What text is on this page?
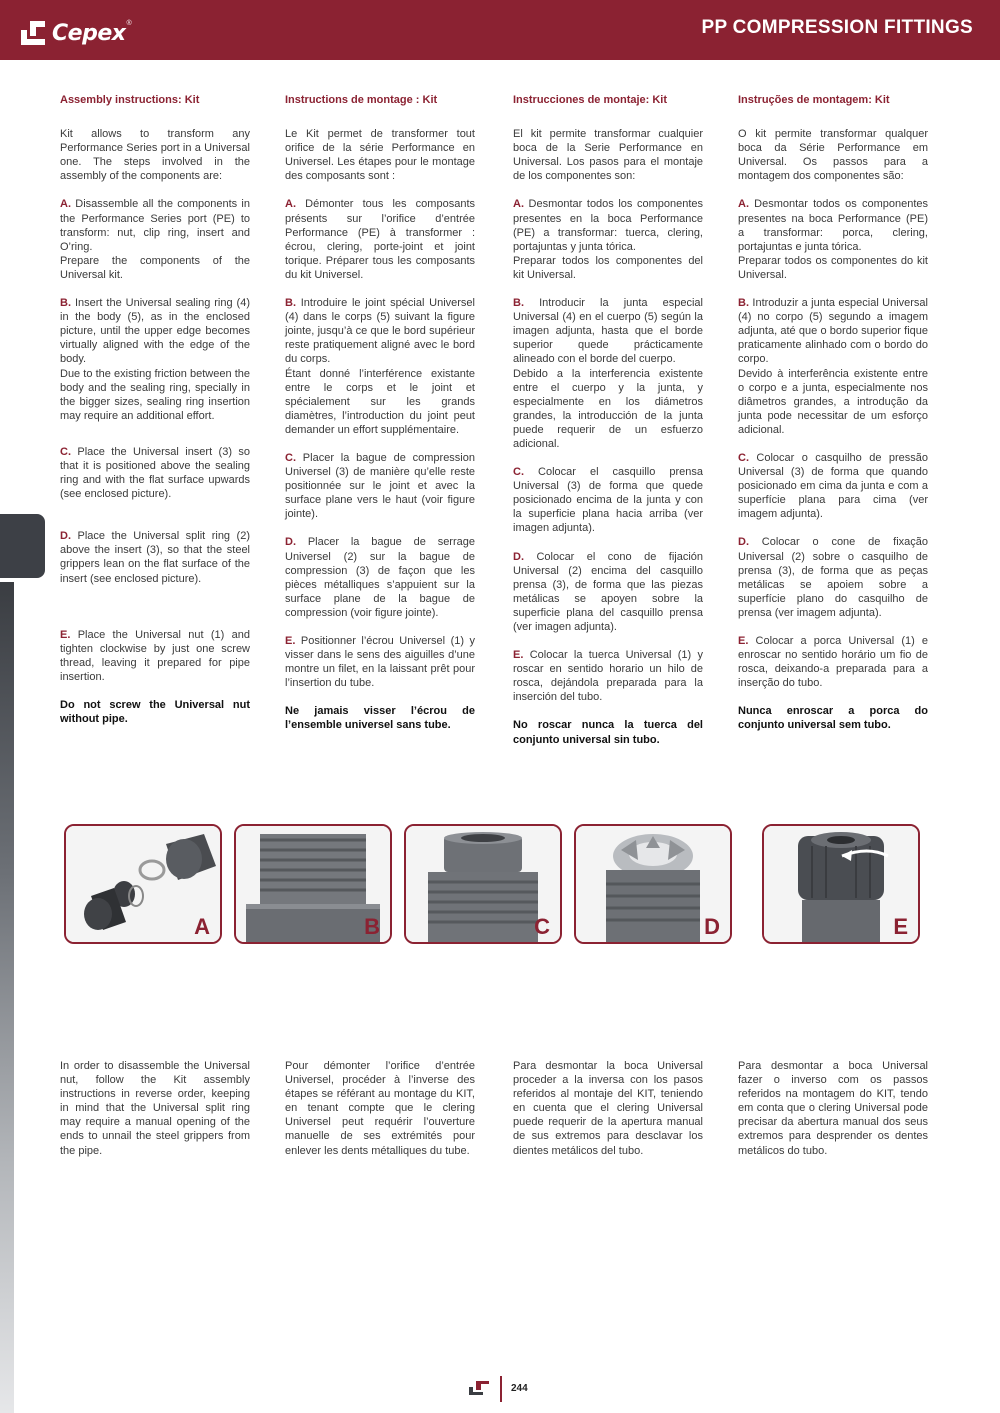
Cepex ®	PP COMPRESSION FITTINGS
Assembly instructions: Kit

Kit allows to transform any Performance Series port in a Universal one. The steps involved in the assembly of the components are:

A. Disassemble all the components in the Performance Series port (PE) to transform: nut, clip ring, insert and O’ring.
Prepare the components of the Universal kit.

B. Insert the Universal sealing ring (4) in the body (5), as in the enclosed picture, until the upper edge becomes virtually aligned with the edge of the body.
Due to the existing friction between the body and the sealing ring, specially in the bigger sizes, sealing ring insertion may require an additional effort.

C. Place the Universal insert (3) so that it is positioned above the sealing ring and with the flat surface upwards (see enclosed picture).

D. Place the Universal split ring (2) above the insert (3), so that the steel grippers lean on the flat surface of the insert (see enclosed picture).

E. Place the Universal nut (1) and tighten clockwise by just one screw thread, leaving it prepared for pipe insertion.

Do not screw the Universal nut without pipe.

Instructions de montage : Kit

Le Kit permet de transformer tout orifice de la série Performance en Universel. Les étapes pour le montage des composants sont :

A. Démonter tous les composants présents sur l’orifice d’entrée Performance (PE) à transformer : écrou, clering, porte-joint et joint torique. Préparer tous les composants du kit Universel.

B. Introduire le joint spécial Universel (4) dans le corps (5) suivant la figure jointe, jusqu’à ce que le bord supérieur reste pratiquement aligné avec le bord du corps.
Étant donné l’interférence existante entre le corps et le joint et spécialement sur les grands diamètres, l’introduction du joint peut demander un effort supplémentaire.

C. Placer la bague de compression Universel (3) de manière qu’elle reste positionnée sur le joint et avec la surface plane vers le haut (voir figure jointe).

D. Placer la bague de serrage Universel (2) sur la bague de compression (3) de façon que les pièces métalliques s’appuient sur la surface plane de la bague de compression (voir figure jointe).

E. Positionner l’écrou Universel (1) y visser dans le sens des aiguilles d’une montre un filet, en la laissant prêt pour l’insertion du tube.

Ne jamais visser l’écrou de l’ensemble universel sans tube.

Instrucciones de montaje: Kit

El kit permite transformar cualquier boca de la Serie Performance en Universal. Los pasos para el montaje de los componentes son:

A. Desmontar todos los componentes presentes en la boca Performance (PE) a transformar: tuerca, clering, portajuntas y junta tórica.
Preparar todos los componentes del kit Universal.

B. Introducir la junta especial Universal (4) en el cuerpo (5) según la imagen adjunta, hasta que el borde superior quede prácticamente alineado con el borde del cuerpo.
Debido a la interferencia existente entre el cuerpo y la junta, y especialmente en los diámetros grandes, la introducción de la junta puede requerir de un esfuerzo adicional.

C. Colocar el casquillo prensa Universal (3) de forma que quede posicionado encima de la junta y con la superficie plana hacia arriba (ver imagen adjunta).

D. Colocar el cono de fijación Universal (2) encima del casquillo prensa (3), de forma que las piezas metálicas se apoyen sobre la superficie plana del casquillo prensa (ver imagen adjunta).

E. Colocar la tuerca Universal (1) y roscar en sentido horario un hilo de rosca, dejándola preparada para la inserción del tubo.

No roscar nunca la tuerca del conjunto universal sin tubo.

Instruções de montagem: Kit

O kit permite transformar qualquer boca da Série Performance em Universal. Os passos para a montagem dos componentes são:

A. Desmontar todos os componentes presentes na boca Performance (PE) a transformar: porca, clering, portajuntas e junta tórica.
Preparar todos os componentes do kit Universal.

B. Introduzir a junta especial Universal (4) no corpo (5) segundo a imagem adjunta, até que o bordo superior fique praticamente alinhado com o bordo do corpo.
Devido à interferência existente entre o corpo e a junta, especialmente nos diâmetros grandes, a introdução da junta pode necessitar de um esforço adicional.

C. Colocar o casquilho de pressão Universal (3) de forma que quando posicionado em cima da junta e com a superfície plana para cima (ver imagem adjunta).

D. Colocar o cone de fixação Universal (2) sobre o casquilho de prensa (3), de forma que as peças metálicas se apoiem sobre a superfície plano do casquilho de prensa (ver imagem adjunta).

E. Colocar a porca Universal (1) e enroscar no sentido horário um fio de rosca, deixando-a preparada para a inserção do tubo.

Nunca enroscar a porca do conjunto universal sem tubo.

A	B	C	D	E
In order to disassemble the Universal nut, follow the Kit assembly instructions in reverse order, keeping in mind that the Universal split ring may require a manual opening of the ends to unnail the steel grippers from the pipe.
Pour démonter l’orifice d’entrée Universel, procéder à l’inverse des étapes se référant au montage du KIT, en tenant compte que le clering Universel peut requérir l’ouverture manuelle de ses extrémités pour enlever les dents métalliques du tube.
Para desmontar la boca Universal proceder a la inversa con los pasos referidos al montaje del KIT, teniendo en cuenta que el clering Universal puede requerir de la apertura manual de sus extremos para desclavar los dientes metálicos del tubo.
Para desmontar a boca Universal fazer o inverso com os passos referidos na montagem do KIT, tendo em conta que o clering Universal pode precisar da abertura manual dos seus extremos para desprender os dentes metálicos do tubo.
244
